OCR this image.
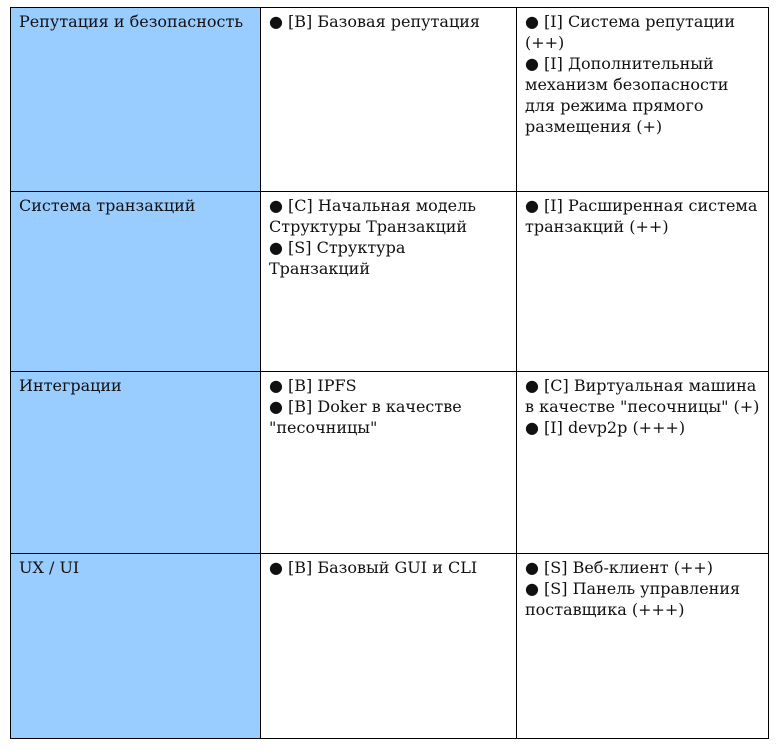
Репутация и безопасность	● [B] Базовая репутация	● [I] Система репутации (++)
● [I] Дополнительный механизм безопасности для режима прямого размещения (+)

Система транзакций	● [C] Начальная модель Структуры Транзакций
● [S] Структура Транзакций	● [I] Расширенная система транзакций (++)

Интеграции	● [B] IPFS
● [B] Doker в качестве "песочницы"	● [C] Виртуальная машина в качестве "песочницы" (+)
● [I] devp2p (+++)

UX / UI	● [B] Базовый GUI и CLI	● [S] Веб-клиент (++)
● [S] Панель управления поставщика (+++)
